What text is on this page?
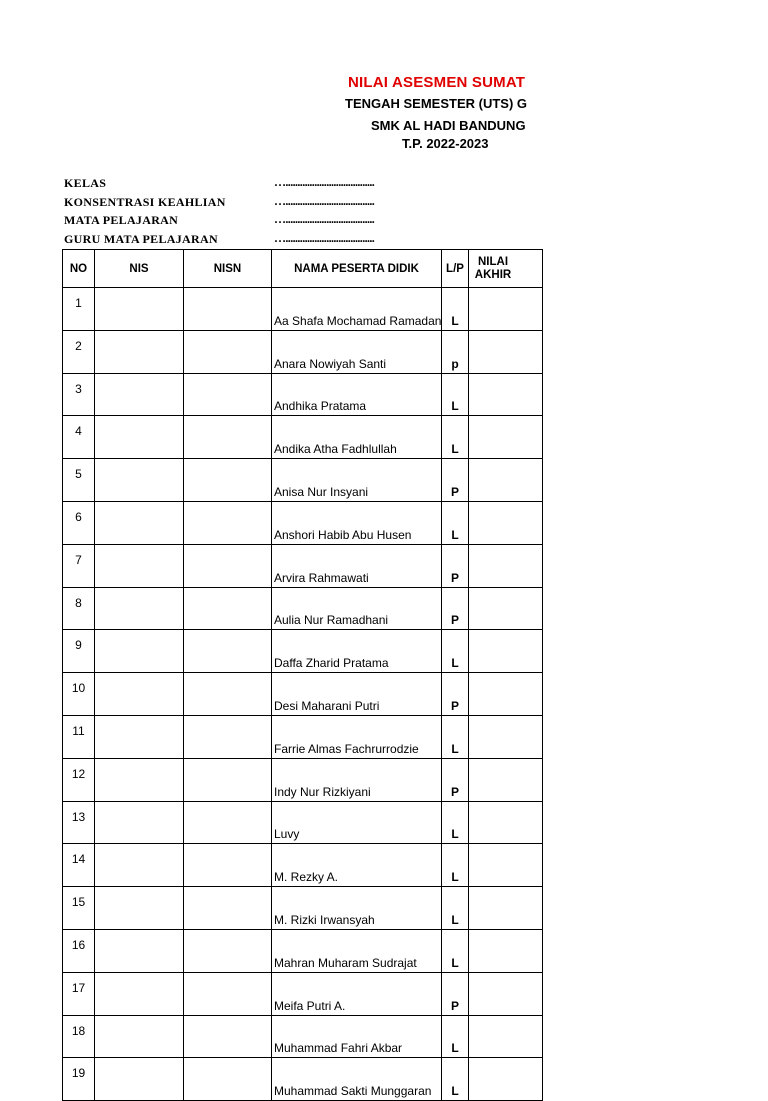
NILAI ASESMEN SUMAT
TENGAH SEMESTER (UTS) G
SMK AL HADI BANDUNG
T.P. 2022-2023
KELAS	….....................................
KONSENTRASI KEAHLIAN	….....................................
MATA PELAJARAN	….....................................
GURU MATA PELAJARAN	….....................................
NO	NIS	NISN	NAMA PESERTA DIDIK	L/P	NILAI AKHIR
1			Aa Shafa Mochamad Ramadan	L	
2			Anara Nowiyah Santi	p	
3			Andhika Pratama	L	
4			Andika Atha Fadhlullah	L	
5			Anisa Nur Insyani	P	
6			Anshori Habib Abu Husen	L	
7			Arvira Rahmawati	P	
8			Aulia Nur Ramadhani	P	
9			Daffa Zharid Pratama	L	
10			Desi Maharani Putri	P	
11			Farrie Almas Fachrurrodzie	L	
12			Indy Nur Rizkiyani	P	
13			Luvy	L	
14			M. Rezky A.	L	
15			M. Rizki Irwansyah	L	
16			Mahran Muharam Sudrajat	L	
17			Meifa Putri A.	P	
18			Muhammad Fahri Akbar	L	
19			Muhammad Sakti Munggaran	L	
